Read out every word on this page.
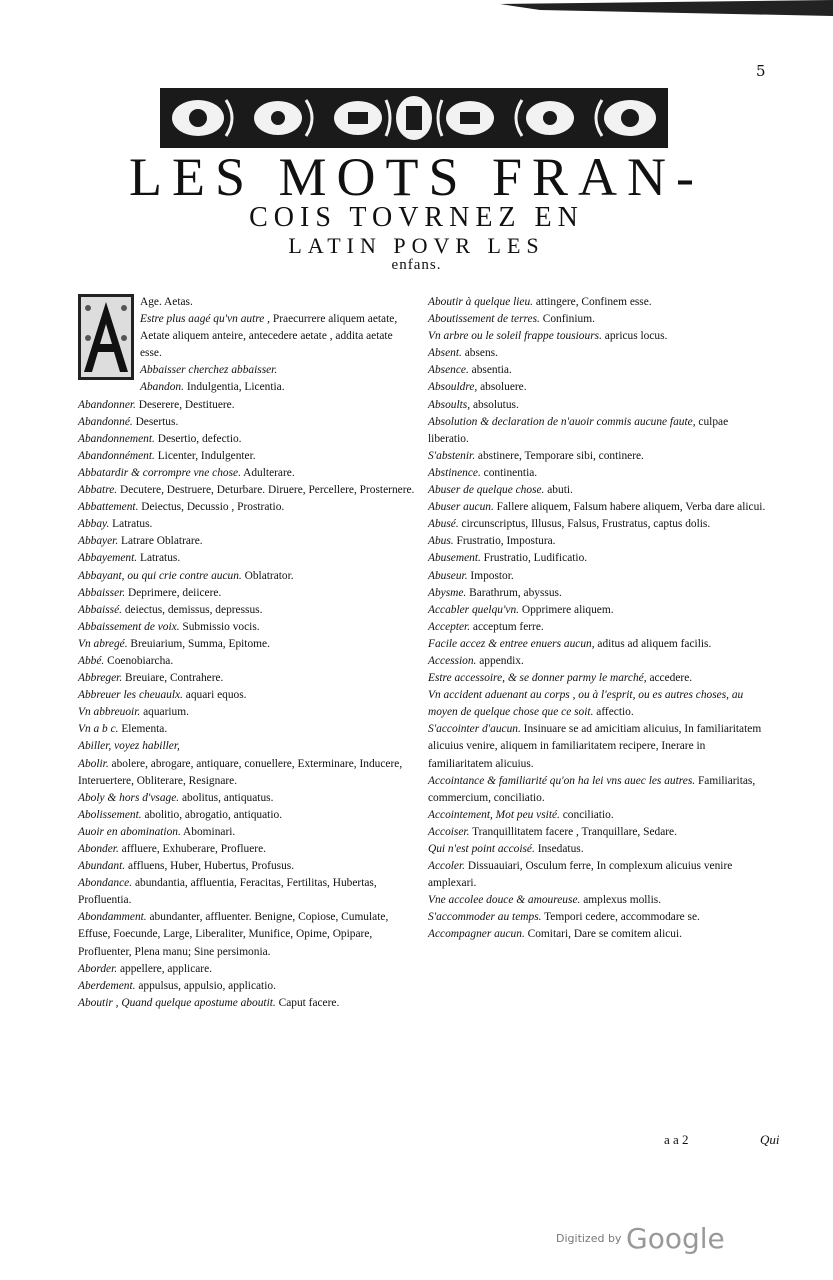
5
LES MOTS FRAN-
COIS TOVRNEZ EN
LATIN POVR LES
enfans.

Age. Aetas.

Estre plus aagé qu'vn autre , Praecurrere aliquem aetate, Aetate aliquem anteire, antecedere aetate , addita aetate esse.

Abbaisser cherchez abbaisser.

Abandon. Indulgentia, Licentia.

Abandonner. Deserere, Destituere.

Abandonné. Desertus.

Abandonnement. Desertio, defectio.

Abandonnément. Licenter, Indulgenter.

Abbatardir & corrompre vne chose. Adulterare.

Abbatre. Decutere, Destruere, Deturbare. Diruere, Percellere, Prosternere.

Abbattement. Deiectus, Decussio , Prostratio.

Abbay. Latratus.

Abbayer. Latrare Oblatrare.

Abbayement. Latratus.

Abbayant, ou qui crie contre aucun. Oblatrator.

Abbaisser. Deprimere, deiicere.

Abbaissé. deiectus, demissus, depressus.

Abbaissement de voix. Submissio vocis.

Vn abregé. Breuiarium, Summa, Epitome.

Abbé. Coenobiarcha.

Abbreger. Breuiare, Contrahere.

Abbreuer les cheuaulx. aquari equos.

Vn abbreuoir. aquarium.

Vn a b c. Elementa.

Abiller, voyez habiller,

Abolir. abolere, abrogare, antiquare, conuellere, Exterminare, Inducere, Interuertere, Obliterare, Resignare.

Aboly & hors d'vsage. abolitus, antiquatus.

Abolissement. abolitio, abrogatio, antiquatio.

Auoir en abomination. Abominari.

Abonder. affluere, Exhuberare, Profluere.

Abundant. affluens, Huber, Hubertus, Profusus.

Abondance. abundantia, affluentia, Feracitas, Fertilitas, Hubertas, Profluentia.

Abondamment. abundanter, affluenter. Benigne, Copiose, Cumulate, Effuse, Foecunde, Large, Liberaliter, Munifice, Opime, Opipare, Profluenter, Plena manu; Sine persimonia.

Aborder. appellere, applicare.

Aberdement. appulsus, appulsio, applicatio.

Aboutir , Quand quelque apostume aboutit. Caput facere.

Aboutir à quelque lieu. attingere, Confinem esse.

Aboutissement de terres. Confinium.

Vn arbre ou le soleil frappe tousiours. apricus locus.

Absent. absens.

Absence. absentia.

Absouldre, absoluere.

Absoults, absolutus.

Absolution & declaration de n'auoir commis aucune faute, culpae liberatio.

S'abstenir. abstinere, Temporare sibi, continere.

Abstinence. continentia.

Abuser de quelque chose. abuti.

Abuser aucun. Fallere aliquem, Falsum habere aliquem, Verba dare alicui.

Abusé. circunscriptus, Illusus, Falsus, Frustratus, captus dolis.

Abus. Frustratio, Impostura.

Abusement. Frustratio, Ludificatio.

Abuseur. Impostor.

Abysme. Barathrum, abyssus.

Accabler quelqu'vn. Opprimere aliquem.

Accepter. acceptum ferre.

Facile accez & entree enuers aucun, aditus ad aliquem facilis.

Accession. appendix.

Estre accessoire, & se donner parmy le marché, accedere.

Vn accident aduenant au corps , ou à l'esprit, ou es autres choses, au moyen de quelque chose que ce soit. affectio.

S'accointer d'aucun. Insinuare se ad amicitiam alicuius, In familiaritatem alicuius venire, aliquem in familiaritatem recipere, Inerare in familiaritatem alicuius.

Accointance & familiarité qu'on ha lei vns auec les autres. Familiaritas, commercium, conciliatio.

Accointement, Mot peu vsité. conciliatio.

Accoiser. Tranquillitatem facere , Tranquillare, Sedare.

Qui n'est point accoisé. Insedatus.

Accoler. Dissuauiari, Osculum ferre, In complexum alicuius venire amplexari.

Vne accolee douce & amoureuse. amplexus mollis.

S'accommoder au temps. Tempori cedere, accommodare se.

Accompagner aucun. Comitari, Dare se comitem alicui.

a a 2	Qui
Digitized by Google
